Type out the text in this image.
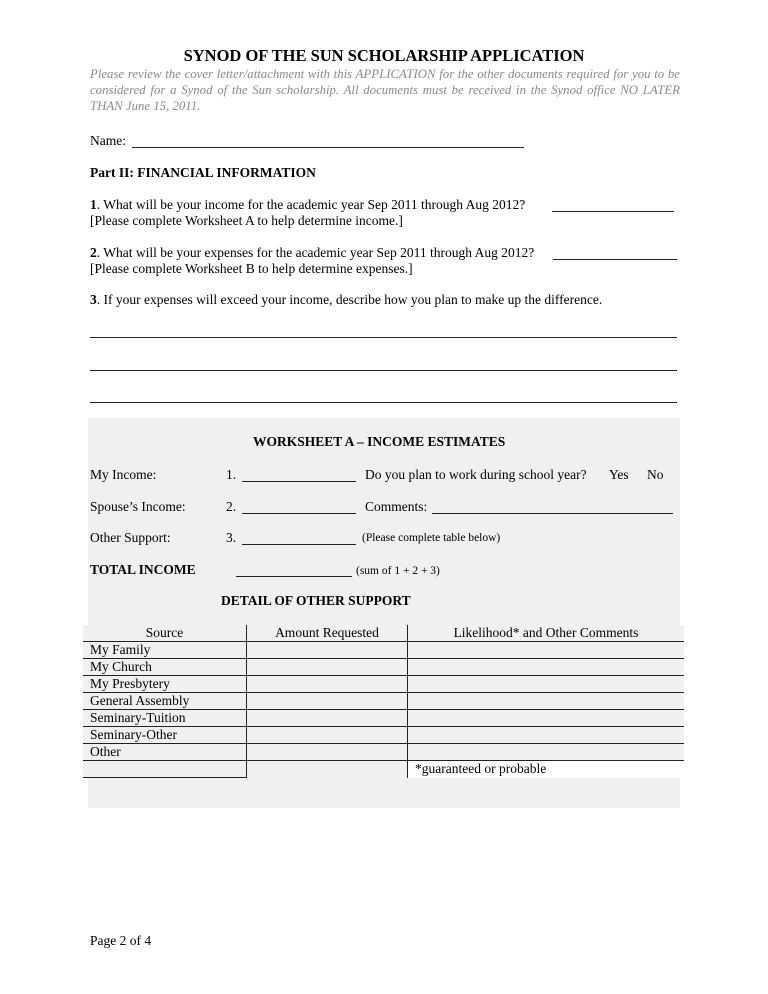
SYNOD OF THE SUN SCHOLARSHIP APPLICATION
Please review the cover letter/attachment with this APPLICATION for the other documents required for you to be considered for a Synod of the Sun scholarship. All documents must be received in the Synod office NO LATER THAN June 15, 2011.
Name:
Part II: FINANCIAL INFORMATION
1. What will be your income for the academic year Sep 2011 through Aug 2012?
[Please complete Worksheet A to help determine income.]
2. What will be your expenses for the academic year Sep 2011 through Aug 2012?
[Please complete Worksheet B to help determine expenses.]
3. If your expenses will exceed your income, describe how you plan to make up the difference.
WORKSHEET A – INCOME ESTIMATES
My Income:	1.	Do you plan to work during school year? Yes No
Spouse’s Income:	2.	Comments:
Other Support:	3.	(Please complete table below)
TOTAL INCOME	(sum of 1 + 2 + 3)
DETAIL OF OTHER SUPPORT
Source	Amount Requested	Likelihood* and Other Comments	
My Family			
My Church			
My Presbytery			
General Assembly			
Seminary-Tuition			
Seminary-Other			
Other			
		*guaranteed or probable	
Page 2 of 4
